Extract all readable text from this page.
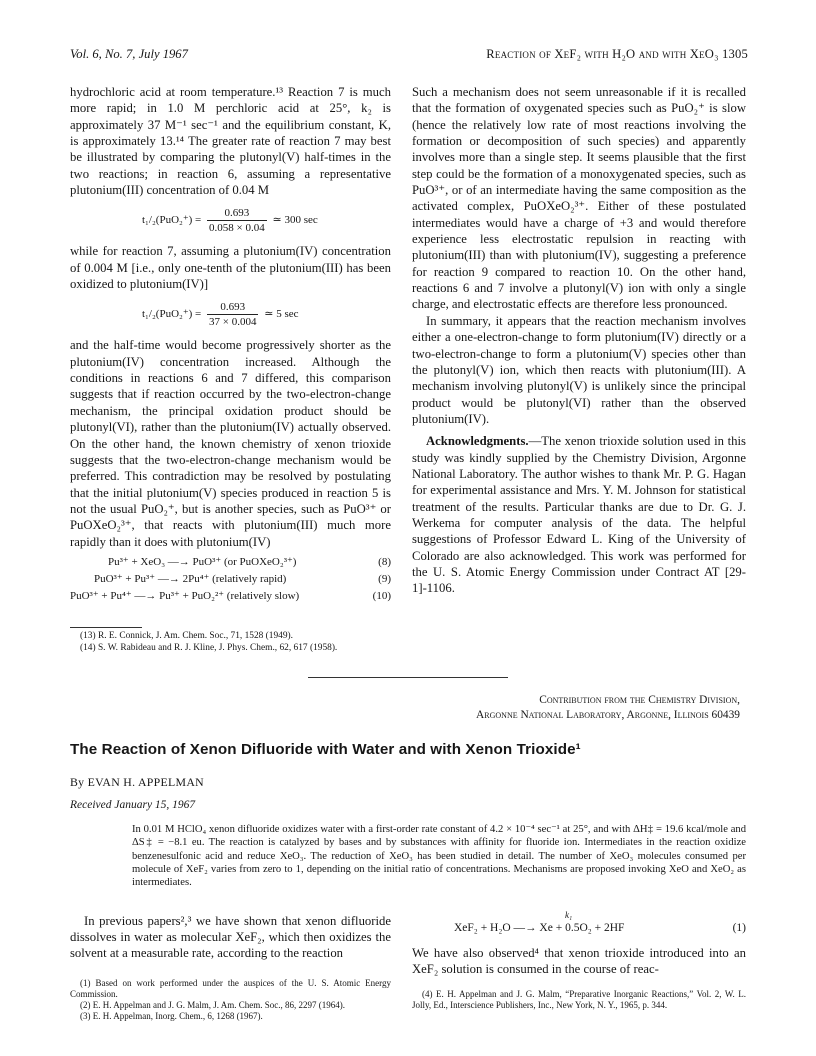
Vol. 6, No. 7, July 1967	Reaction of XeF₂ with H₂O and with XeO₃ 1305

hydrochloric acid at room temperature.¹³ Reaction 7 is much more rapid; in 1.0 M perchloric acid at 25°, k₂ is approximately 37 M⁻¹ sec⁻¹ and the equilibrium constant, K, is approximately 13.¹⁴ The greater rate of reaction 7 may best be illustrated by comparing the plutonyl(V) half-times in the two reactions; in reaction 6, assuming a representative plutonium(III) concentration of 0.04 M

$t_1/_2(PuO_2^+) = \frac{0.693}{0.058 \times 0.04}$ ≃ 300 sec

while for reaction 7, assuming a plutonium(IV) concentration of 0.004 M [i.e., only one-tenth of the plutonium(III) has been oxidized to plutonium(IV)]

$t_1/_2(PuO_2^+) = \frac{0.693}{37 \times 0.004}$ ≃ 5 sec

and the half-time would become progressively shorter as the plutonium(IV) concentration increased. Although the conditions in reactions 6 and 7 differed, this comparison suggests that if reaction occurred by the two-electron-change mechanism, the principal oxidation product should be plutonyl(VI), rather than the plutonium(IV) actually observed. On the other hand, the known chemistry of xenon trioxide suggests that the two-electron-change mechanism would be preferred. This contradiction may be resolved by postulating that the initial plutonium(V) species produced in reaction 5 is not the usual PuO₂⁺, but is another species, such as PuO³⁺ or PuOXeO₂³⁺, that reacts with plutonium(III) much more rapidly than it does with plutonium(IV)

Pu³⁺ + XeO₃ —→ PuO³⁺ (or PuOXeO₂³⁺)	(8)
PuO³⁺ + Pu³⁺ —→ 2Pu⁴⁺ (relatively rapid)	(9)
PuO³⁺ + Pu⁴⁺ —→ Pu³⁺ + PuO₂²⁺ (relatively slow)	(10)
(13) R. E. Connick, J. Am. Chem. Soc., 71, 1528 (1949).
(14) S. W. Rabideau and R. J. Kline, J. Phys. Chem., 62, 617 (1958).

Such a mechanism does not seem unreasonable if it is recalled that the formation of oxygenated species such as PuO₂⁺ is slow (hence the relatively low rate of most reactions involving the formation or decomposition of such species) and apparently involves more than a single step. It seems plausible that the first step could be the formation of a monoxygenated species, such as PuO³⁺, or of an intermediate having the same composition as the activated complex, PuOXeO₂³⁺. Either of these postulated intermediates would have a charge of +3 and would therefore experience less electrostatic repulsion in reacting with plutonium(III) than with plutonium(IV), suggesting a preference for reaction 9 compared to reaction 10. On the other hand, reactions 6 and 7 involve a plutonyl(V) ion with only a single charge, and electrostatic effects are therefore less pronounced.

In summary, it appears that the reaction mechanism involves either a one-electron-change to form plutonium(IV) directly or a two-electron-change to form a plutonium(V) species other than the plutonyl(V) ion, which then reacts with plutonium(III). A mechanism involving plutonyl(V) is unlikely since the principal product would be plutonyl(VI) rather than the observed plutonium(IV).

Acknowledgments.—The xenon trioxide solution used in this study was kindly supplied by the Chemistry Division, Argonne National Laboratory. The author wishes to thank Mr. P. G. Hagan for experimental assistance and Mrs. Y. M. Johnson for statistical treatment of the results. Particular thanks are due to Dr. G. J. Werkema for computer analysis of the data. The helpful suggestions of Professor Edward L. King of the University of Colorado are also acknowledged. This work was performed for the U. S. Atomic Energy Commission under Contract AT [29-1]-1106.

Contribution from the Chemistry Division,
Argonne National Laboratory, Argonne, Illinois 60439
The Reaction of Xenon Difluoride with Water and with Xenon Trioxide¹
By EVAN H. APPELMAN
Received January 15, 1967
In 0.01 M HClO₄ xenon difluoride oxidizes water with a first-order rate constant of 4.2 × 10⁻⁴ sec⁻¹ at 25°, and with ΔH‡ = 19.6 kcal/mole and ΔS‡ = −8.1 eu. The reaction is catalyzed by bases and by substances with affinity for fluoride ion. Intermediates in the reaction oxidize benzenesulfonic acid and reduce XeO₃. The reduction of XeO₃ has been studied in detail. The number of XeO₃ molecules consumed per molecule of XeF₂ varies from zero to 1, depending on the initial ratio of concentrations. Mechanisms are proposed invoking XeO and XeO₂ as intermediates.

In previous papers²,³ we have shown that xenon difluoride dissolves in water as molecular XeF₂, which then oxidizes the solvent at a measurable rate, according to the reaction

(1) Based on work performed under the auspices of the U. S. Atomic Energy Commission.
(2) E. H. Appelman and J. G. Malm, J. Am. Chem. Soc., 86, 2297 (1964).
(3) E. H. Appelman, Inorg. Chem., 6, 1268 (1967).
k₁
XeF₂ + H₂O —→ Xe + 0.5O₂ + 2HF	(1)

We have also observed⁴ that xenon trioxide introduced into an XeF₂ solution is consumed in the course of reac-

(4) E. H. Appelman and J. G. Malm, “Preparative Inorganic Reactions,” Vol. 2, W. L. Jolly, Ed., Interscience Publishers, Inc., New York, N. Y., 1965, p. 344.
